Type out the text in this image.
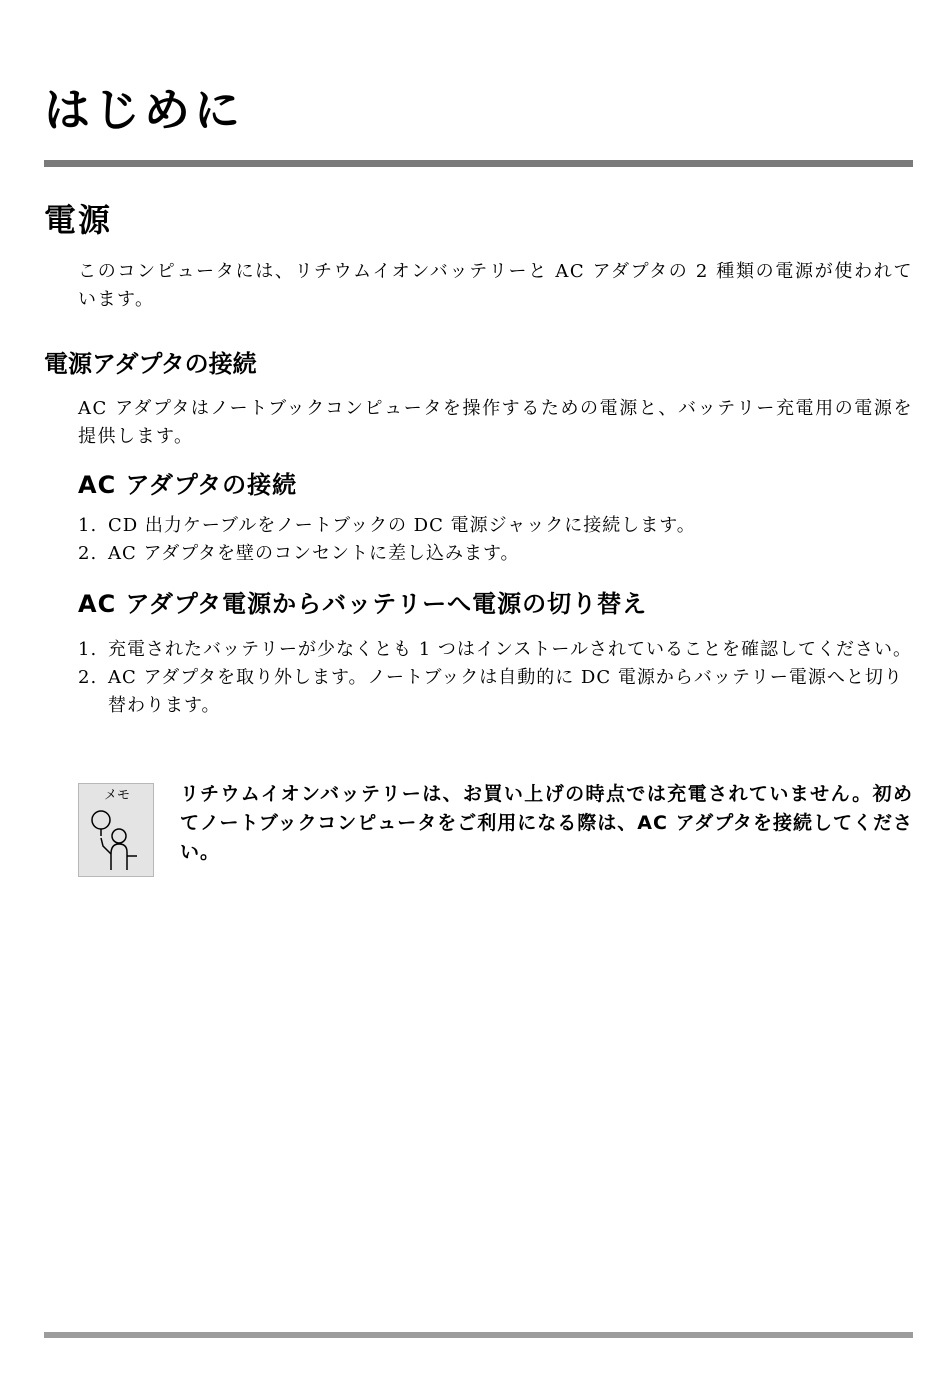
はじめに
電源

このコンピュータには、リチウムイオンバッテリーと AC アダプタの 2 種類の電源が使われています。

電源アダプタの接続

AC アダプタはノートブックコンピュータを操作するための電源と、バッテリー充電用の電源を提供します。

AC アダプタの接続
1. CD 出力ケーブルをノートブックの DC 電源ジャックに接続します。
2. AC アダプタを壁のコンセントに差し込みます。
AC アダプタ電源からバッテリーへ電源の切り替え
1. 充電されたバッテリーが少なくとも 1 つはインストールされていることを確認してください。
2. AC アダプタを取り外します。ノートブックは自動的に DC 電源からバッテリー電源へと切り替わります。
メモ	リチウムイオンバッテリーは、お買い上げの時点では充電されていません。初めてノートブックコンピュータをご利用になる際は、AC アダプタを接続してください。
